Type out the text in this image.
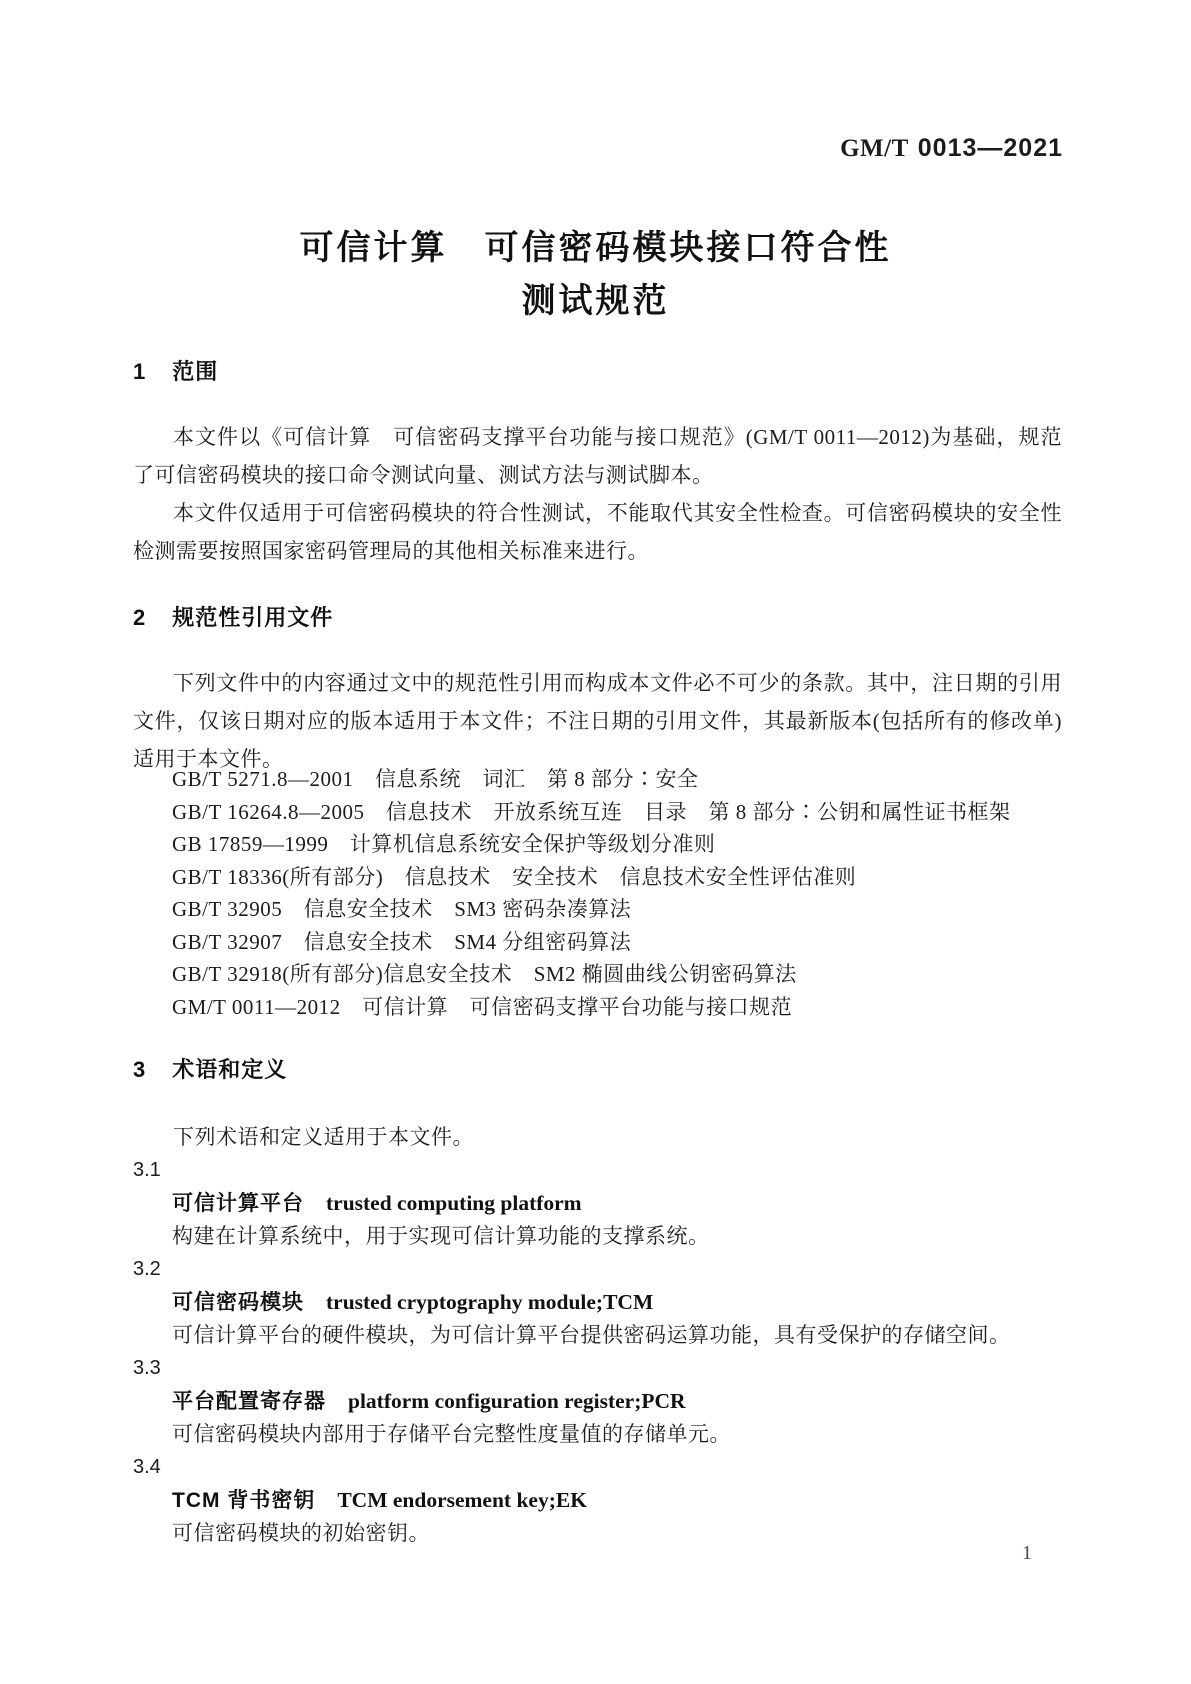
GM/T 0013—2021
可信计算　可信密码模块接口符合性
测试规范
1 范围

本文件以《可信计算　可信密码支撑平台功能与接口规范》(GM/T 0011—2012)为基础，规范了可信密码模块的接口命令测试向量、测试方法与测试脚本。

本文件仅适用于可信密码模块的符合性测试，不能取代其安全性检查。可信密码模块的安全性检测需要按照国家密码管理局的其他相关标准来进行。

2 规范性引用文件

下列文件中的内容通过文中的规范性引用而构成本文件必不可少的条款。其中，注日期的引用文件，仅该日期对应的版本适用于本文件；不注日期的引用文件，其最新版本(包括所有的修改单)适用于本文件。

GB/T 5271.8—2001　信息系统　词汇　第 8 部分∶安全
GB/T 16264.8—2005　信息技术　开放系统互连　目录　第 8 部分∶公钥和属性证书框架
GB 17859—1999　计算机信息系统安全保护等级划分准则
GB/T 18336(所有部分)　信息技术　安全技术　信息技术安全性评估准则
GB/T 32905　信息安全技术　SM3 密码杂凑算法
GB/T 32907　信息安全技术　SM4 分组密码算法
GB/T 32918(所有部分)信息安全技术　SM2 椭圆曲线公钥密码算法
GM/T 0011—2012　可信计算　可信密码支撑平台功能与接口规范
3 术语和定义
下列术语和定义适用于本文件。
3.1
可信计算平台 trusted computing platform
构建在计算系统中，用于实现可信计算功能的支撑系统。
3.2
可信密码模块 trusted cryptography module;TCM
可信计算平台的硬件模块，为可信计算平台提供密码运算功能，具有受保护的存储空间。
3.3
平台配置寄存器 platform configuration register;PCR
可信密码模块内部用于存储平台完整性度量值的存储单元。
3.4
TCM 背书密钥 TCM endorsement key;EK
可信密码模块的初始密钥。
1
